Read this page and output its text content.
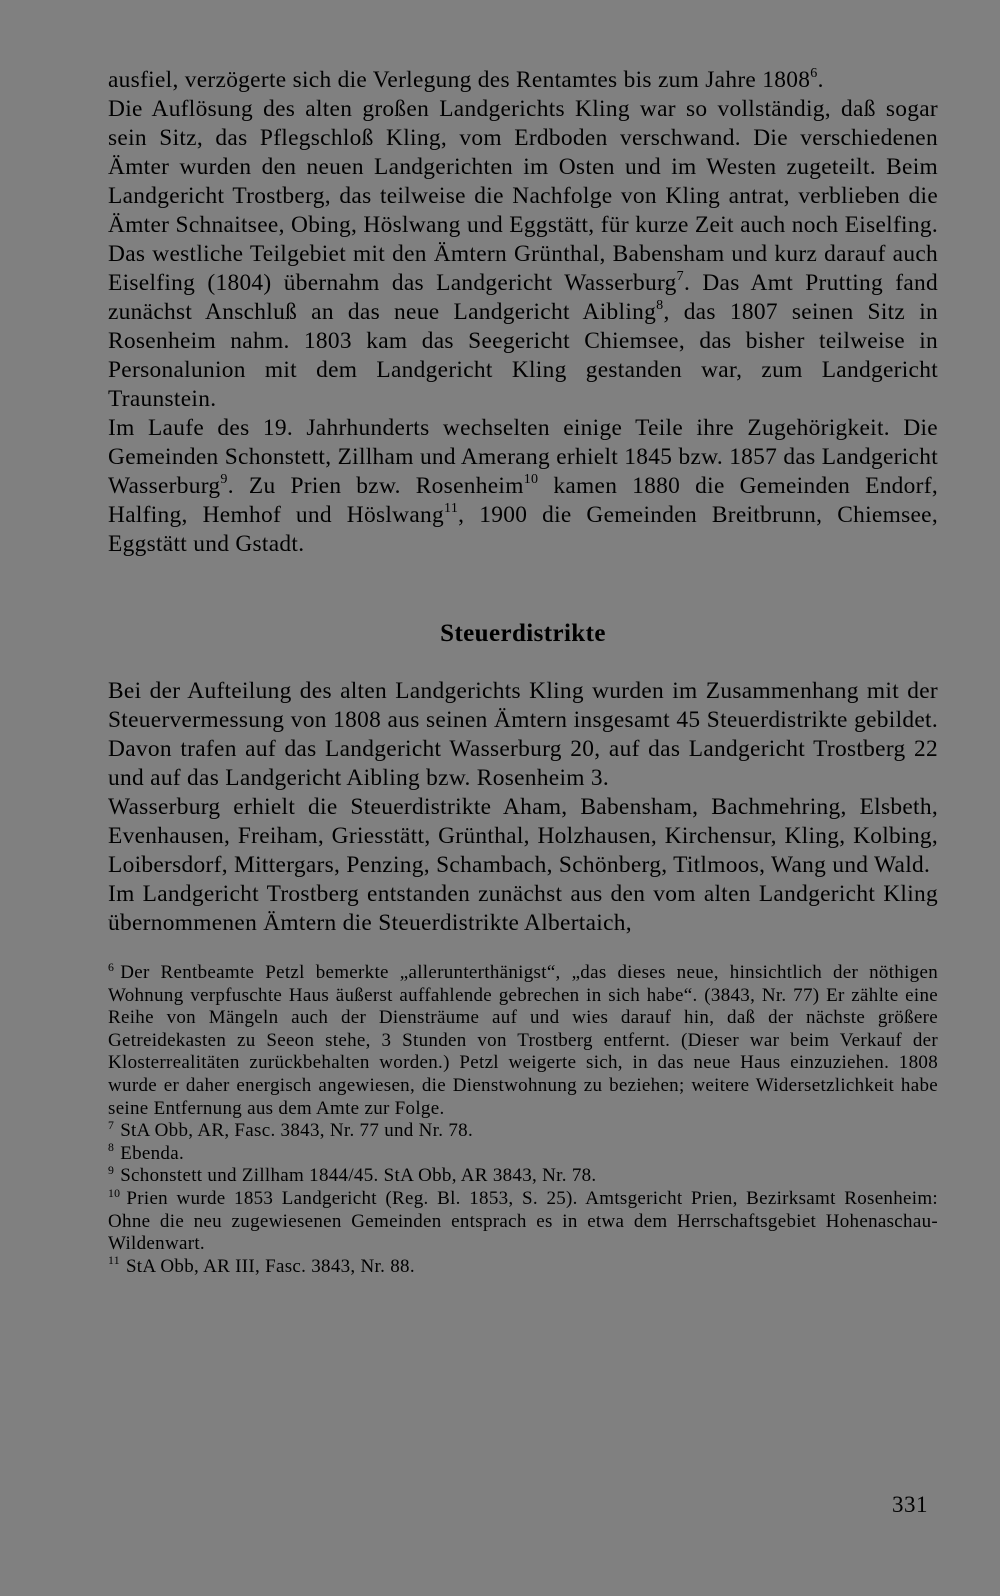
ausfiel, verzögerte sich die Verlegung des Rentamtes bis zum Jahre 1808$^6$.

Die Auflösung des alten großen Landgerichts Kling war so vollständig, daß sogar sein Sitz, das Pflegschloß Kling, vom Erdboden verschwand. Die verschiedenen Ämter wurden den neuen Landgerichten im Osten und im Westen zugeteilt. Beim Landgericht Trostberg, das teilweise die Nachfolge von Kling antrat, verblieben die Ämter Schnaitsee, Obing, Höslwang und Eggstätt, für kurze Zeit auch noch Eiselfing. Das westliche Teilgebiet mit den Ämtern Grünthal, Babensham und kurz darauf auch Eiselfing (1804) übernahm das Landgericht Wasserburg$^7$. Das Amt Prutting fand zunächst Anschluß an das neue Landgericht Aibling$^8$, das 1807 seinen Sitz in Rosenheim nahm. 1803 kam das Seegericht Chiemsee, das bisher teilweise in Personalunion mit dem Landgericht Kling gestanden war, zum Landgericht Traunstein.

Im Laufe des 19. Jahrhunderts wechselten einige Teile ihre Zugehörigkeit. Die Gemeinden Schonstett, Zillham und Amerang erhielt 1845 bzw. 1857 das Landgericht Wasserburg$^9$. Zu Prien bzw. Rosenheim$^{10}$ kamen 1880 die Gemeinden Endorf, Halfing, Hemhof und Höslwang$^{11}$, 1900 die Gemeinden Breitbrunn, Chiemsee, Eggstätt und Gstadt.

Steuerdistrikte

Bei der Aufteilung des alten Landgerichts Kling wurden im Zusammenhang mit der Steuervermessung von 1808 aus seinen Ämtern insgesamt 45 Steuerdistrikte gebildet. Davon trafen auf das Landgericht Wasserburg 20, auf das Landgericht Trostberg 22 und auf das Landgericht Aibling bzw. Rosenheim 3.

Wasserburg erhielt die Steuerdistrikte Aham, Babensham, Bachmehring, Elsbeth, Evenhausen, Freiham, Griesstätt, Grünthal, Holzhausen, Kirchensur, Kling, Kolbing, Loibersdorf, Mittergars, Penzing, Schambach, Schönberg, Titlmoos, Wang und Wald.

Im Landgericht Trostberg entstanden zunächst aus den vom alten Landgericht Kling übernommenen Ämtern die Steuerdistrikte Albertaich,

$^6$ Der Rentbeamte Petzl bemerkte „allerunterthänigst“, „das dieses neue, hinsichtlich der nöthigen Wohnung verpfuschte Haus äußerst auffahlende gebrechen in sich habe“. (3843, Nr. 77) Er zählte eine Reihe von Mängeln auch der Diensträume auf und wies darauf hin, daß der nächste größere Getreidekasten zu Seeon stehe, 3 Stunden von Trostberg entfernt. (Dieser war beim Verkauf der Klosterrealitäten zurückbehalten worden.) Petzl weigerte sich, in das neue Haus einzuziehen. 1808 wurde er daher energisch angewiesen, die Dienstwohnung zu beziehen; weitere Widersetzlichkeit habe seine Entfernung aus dem Amte zur Folge.

$^7$ StA Obb, AR, Fasc. 3843, Nr. 77 und Nr. 78.

$^8$ Ebenda.

$^9$ Schonstett und Zillham 1844/45. StA Obb, AR 3843, Nr. 78.

$^{10}$ Prien wurde 1853 Landgericht (Reg. Bl. 1853, S. 25). Amtsgericht Prien, Bezirksamt Rosenheim: Ohne die neu zugewiesenen Gemeinden entsprach es in etwa dem Herrschaftsgebiet Hohenaschau-Wildenwart.

$^{11}$ StA Obb, AR III, Fasc. 3843, Nr. 88.

331
